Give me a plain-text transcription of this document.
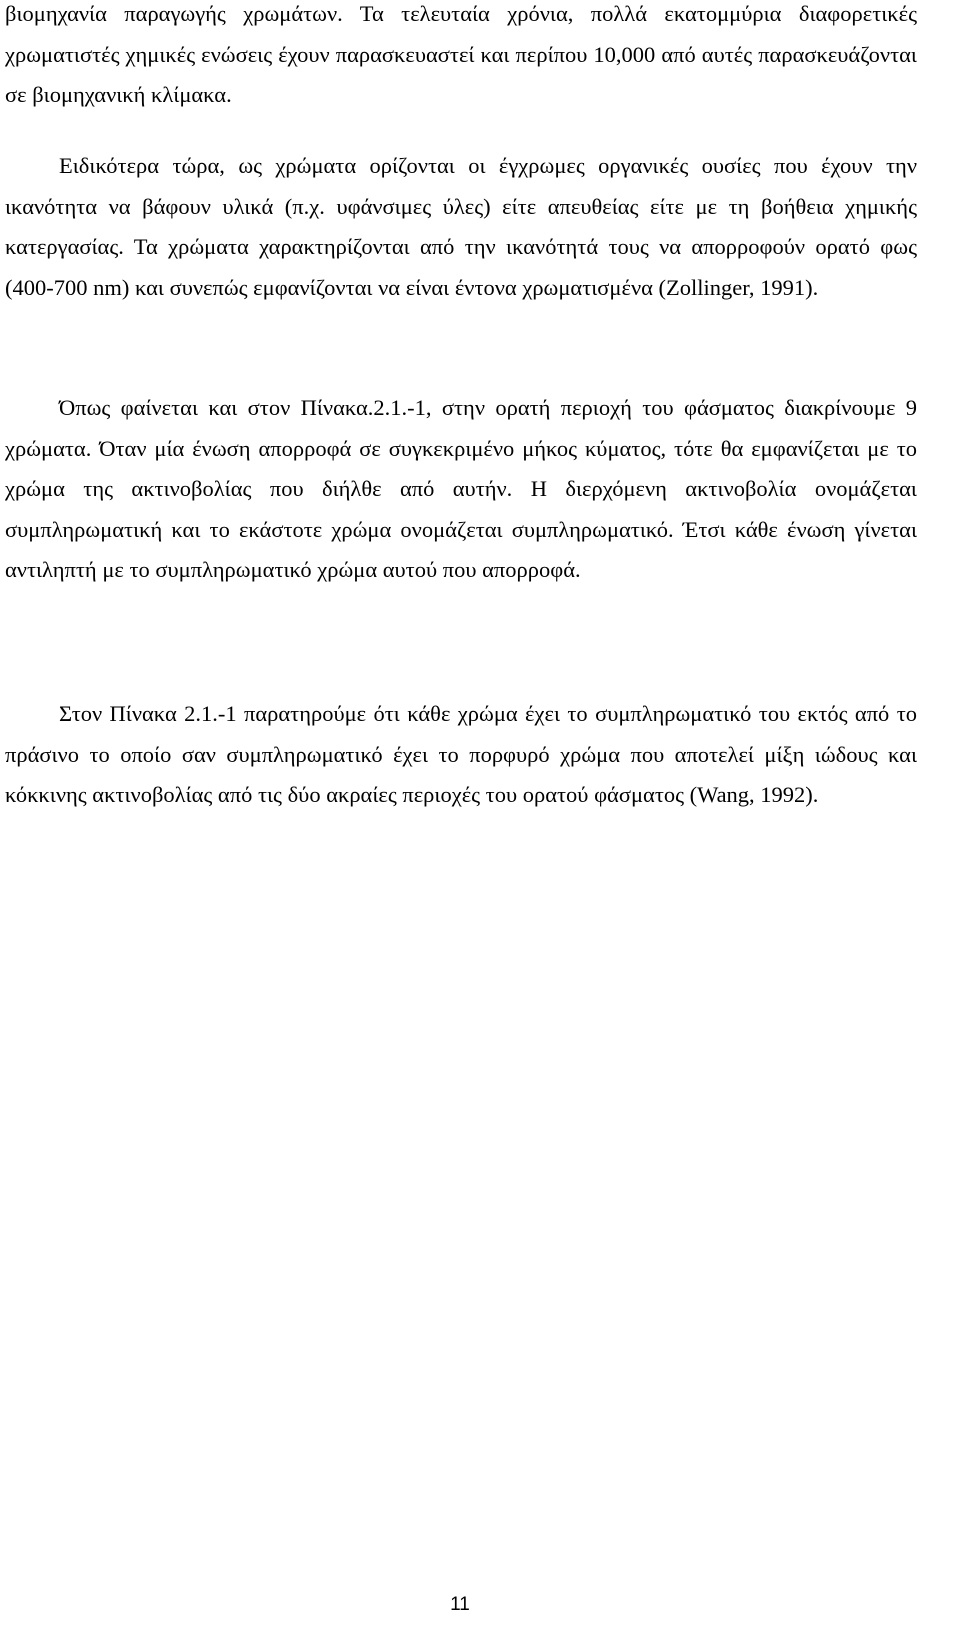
βιομηχανία παραγωγής χρωμάτων. Τα τελευταία χρόνια, πολλά εκατομμύρια διαφορετικές χρωματιστές χημικές ενώσεις έχουν παρασκευαστεί και περίπου 10,000 από αυτές παρασκευάζονται σε βιομηχανική κλίμακα.

Ειδικότερα τώρα, ως χρώματα ορίζονται οι έγχρωμες οργανικές ουσίες που έχουν την ικανότητα να βάφουν υλικά (π.χ. υφάνσιμες ύλες) είτε απευθείας είτε με τη βοήθεια χημικής κατεργασίας. Τα χρώματα χαρακτηρίζονται από την ικανότητά τους να απορροφούν ορατό φως (400-700 nm) και συνεπώς εμφανίζονται να είναι έντονα χρωματισμένα (Zollinger, 1991).

Όπως φαίνεται και στον Πίνακα.2.1.-1, στην ορατή περιοχή του φάσματος διακρίνουμε 9 χρώματα. Όταν μία ένωση απορροφά σε συγκεκριμένο μήκος κύματος, τότε θα εμφανίζεται με το χρώμα της ακτινοβολίας που διήλθε από αυτήν. Η διερχόμενη ακτινοβολία ονομάζεται συμπληρωματική και το εκάστοτε χρώμα ονομάζεται συμπληρωματικό. Έτσι κάθε ένωση γίνεται αντιληπτή με το συμπληρωματικό χρώμα αυτού που απορροφά.

Στον Πίνακα 2.1.-1 παρατηρούμε ότι κάθε χρώμα έχει το συμπληρωματικό του εκτός από το πράσινο το οποίο σαν συμπληρωματικό έχει το πορφυρό χρώμα που αποτελεί μίξη ιώδους και κόκκινης ακτινοβολίας από τις δύο ακραίες περιοχές του ορατού φάσματος (Wang, 1992).

11
